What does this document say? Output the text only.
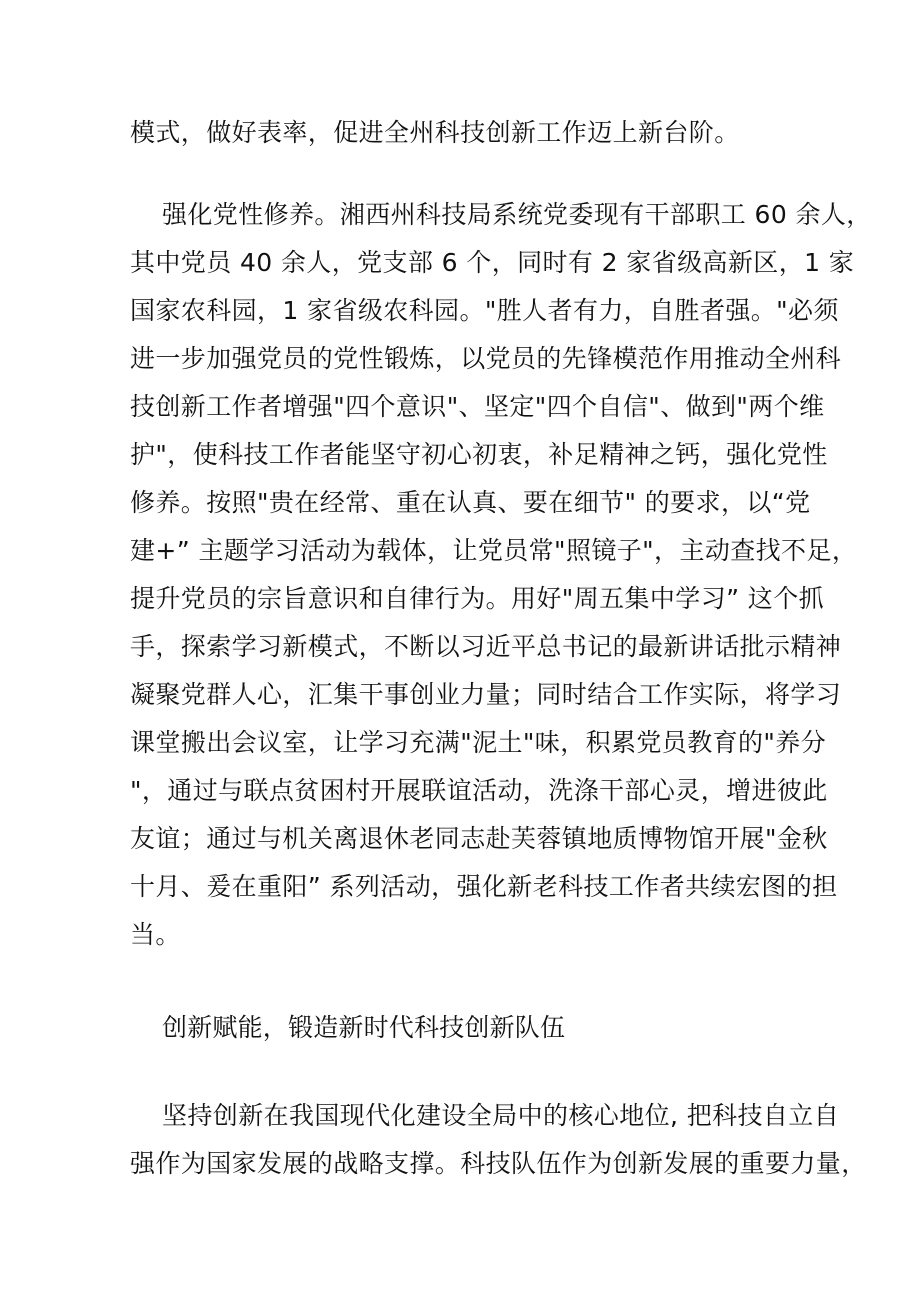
模式，做好表率，促进全州科技创新工作迈上新台阶。
强化党性修养。湘西州科技局系统党委现有干部职工 60 余人，
其中党员 40 余人，党支部 6 个，同时有 2 家省级高新区，1 家
国家农科园，1 家省级农科园。"胜人者有力，自胜者强。"必须
进一步加强党员的党性锻炼，以党员的先锋模范作用推动全州科
技创新工作者增强"四个意识"、坚定"四个自信"、做到"两个维
护"，使科技工作者能坚守初心初衷，补足精神之钙，强化党性
修养。按照"贵在经常、重在认真、要在细节" 的要求，以“党
建+” 主题学习活动为载体，让党员常"照镜子"，主动查找不足，
提升党员的宗旨意识和自律行为。用好"周五集中学习” 这个抓
手，探索学习新模式，不断以习近平总书记的最新讲话批示精神
凝聚党群人心，汇集干事创业力量；同时结合工作实际，将学习
课堂搬出会议室，让学习充满"泥土"味，积累党员教育的"养分
"，通过与联点贫困村开展联谊活动，洗涤干部心灵，增进彼此
友谊；通过与机关离退休老同志赴芙蓉镇地质博物馆开展"金秋
十月、爰在重阳” 系列活动，强化新老科技工作者共续宏图的担
当。
创新赋能，锻造新时代科技创新队伍
坚持创新在我国现代化建设全局中的核心地位, 把科技自立自
强作为国家发展的战略支撑。科技队伍作为创新发展的重要力量，
